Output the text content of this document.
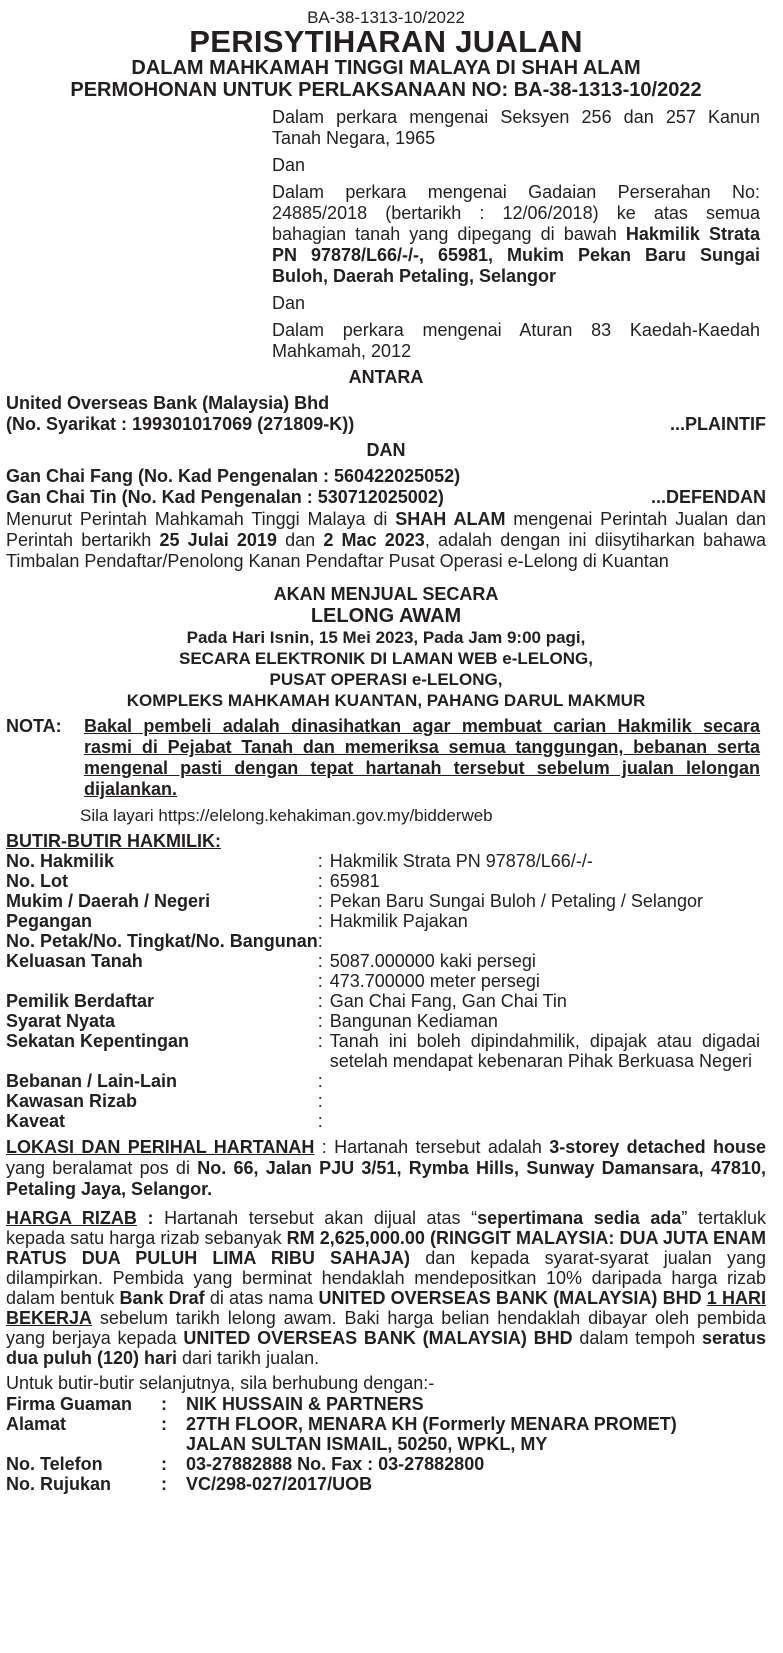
BA-38-1313-10/2022
PERISYTIHARAN JUALAN
DALAM MAHKAMAH TINGGI MALAYA DI SHAH ALAM
PERMOHONAN UNTUK PERLAKSANAAN NO: BA-38-1313-10/2022
Dalam perkara mengenai Seksyen 256 dan 257 Kanun Tanah Negara, 1965
Dan
Dalam perkara mengenai Gadaian Perserahan No: 24885/2018 (bertarikh : 12/06/2018) ke atas semua bahagian tanah yang dipegang di bawah Hakmilik Strata PN 97878/L66/-/-, 65981, Mukim Pekan Baru Sungai Buloh, Daerah Petaling, Selangor
Dan
Dalam perkara mengenai Aturan 83 Kaedah-Kaedah Mahkamah, 2012
ANTARA
United Overseas Bank (Malaysia) Bhd
(No. Syarikat : 199301017069 (271809-K))	...PLAINTIF
DAN
Gan Chai Fang (No. Kad Pengenalan : 560422025052)
Gan Chai Tin (No. Kad Pengenalan : 530712025002)	...DEFENDAN
Menurut Perintah Mahkamah Tinggi Malaya di SHAH ALAM mengenai Perintah Jualan dan Perintah bertarikh 25 Julai 2019 dan 2 Mac 2023, adalah dengan ini diisytiharkan bahawa Timbalan Pendaftar/Penolong Kanan Pendaftar Pusat Operasi e-Lelong di Kuantan
AKAN MENJUAL SECARA
LELONG AWAM
Pada Hari Isnin, 15 Mei 2023, Pada Jam 9:00 pagi,
SECARA ELEKTRONIK DI LAMAN WEB e-LELONG,
PUSAT OPERASI e-LELONG,
KOMPLEKS MAHKAMAH KUANTAN, PAHANG DARUL MAKMUR
NOTA:	Bakal pembeli adalah dinasihatkan agar membuat carian Hakmilik secara rasmi di Pejabat Tanah dan memeriksa semua tanggungan, bebanan serta mengenal pasti dengan tepat hartanah tersebut sebelum jualan lelongan dijalankan.
Sila layari https://elelong.kehakiman.gov.my/bidderweb
BUTIR-BUTIR HAKMILIK:
No. Hakmilik	:	Hakmilik Strata PN 97878/L66/-/-
No. Lot	:	65981
Mukim / Daerah / Negeri	:	Pekan Baru Sungai Buloh / Petaling / Selangor
Pegangan	:	Hakmilik Pajakan
No. Petak/No. Tingkat/No. Bangunan	:	
Keluasan Tanah	:	5087.000000 kaki persegi
	:	473.700000 meter persegi
Pemilik Berdaftar	:	Gan Chai Fang, Gan Chai Tin
Syarat Nyata	:	Bangunan Kediaman
Sekatan Kepentingan	:	Tanah ini boleh dipindahmilik, dipajak atau digadai setelah mendapat kebenaran Pihak Berkuasa Negeri
Bebanan / Lain-Lain	:	
Kawasan Rizab	:	
Kaveat	:	
LOKASI DAN PERIHAL HARTANAH : Hartanah tersebut adalah 3-storey detached house yang beralamat pos di No. 66, Jalan PJU 3/51, Rymba Hills, Sunway Damansara, 47810, Petaling Jaya, Selangor.
HARGA RIZAB : Hartanah tersebut akan dijual atas “sepertimana sedia ada” tertakluk kepada satu harga rizab sebanyak RM 2,625,000.00 (RINGGIT MALAYSIA: DUA JUTA ENAM RATUS DUA PULUH LIMA RIBU SAHAJA) dan kepada syarat-syarat jualan yang dilampirkan. Pembida yang berminat hendaklah mendepositkan 10% daripada harga rizab dalam bentuk Bank Draf di atas nama UNITED OVERSEAS BANK (MALAYSIA) BHD 1 HARI BEKERJA sebelum tarikh lelong awam. Baki harga belian hendaklah dibayar oleh pembida yang berjaya kepada UNITED OVERSEAS BANK (MALAYSIA) BHD dalam tempoh seratus dua puluh (120) hari dari tarikh jualan.
Untuk butir-butir selanjutnya, sila berhubung dengan:-
Firma Guaman	:	NIK HUSSAIN & PARTNERS
Alamat	:	27TH FLOOR, MENARA KH (Formerly MENARA PROMET)
JALAN SULTAN ISMAIL, 50250, WPKL, MY

No. Telefon	:	03-27882888 No. Fax : 03-27882800
No. Rujukan	:	VC/298-027/2017/UOB
